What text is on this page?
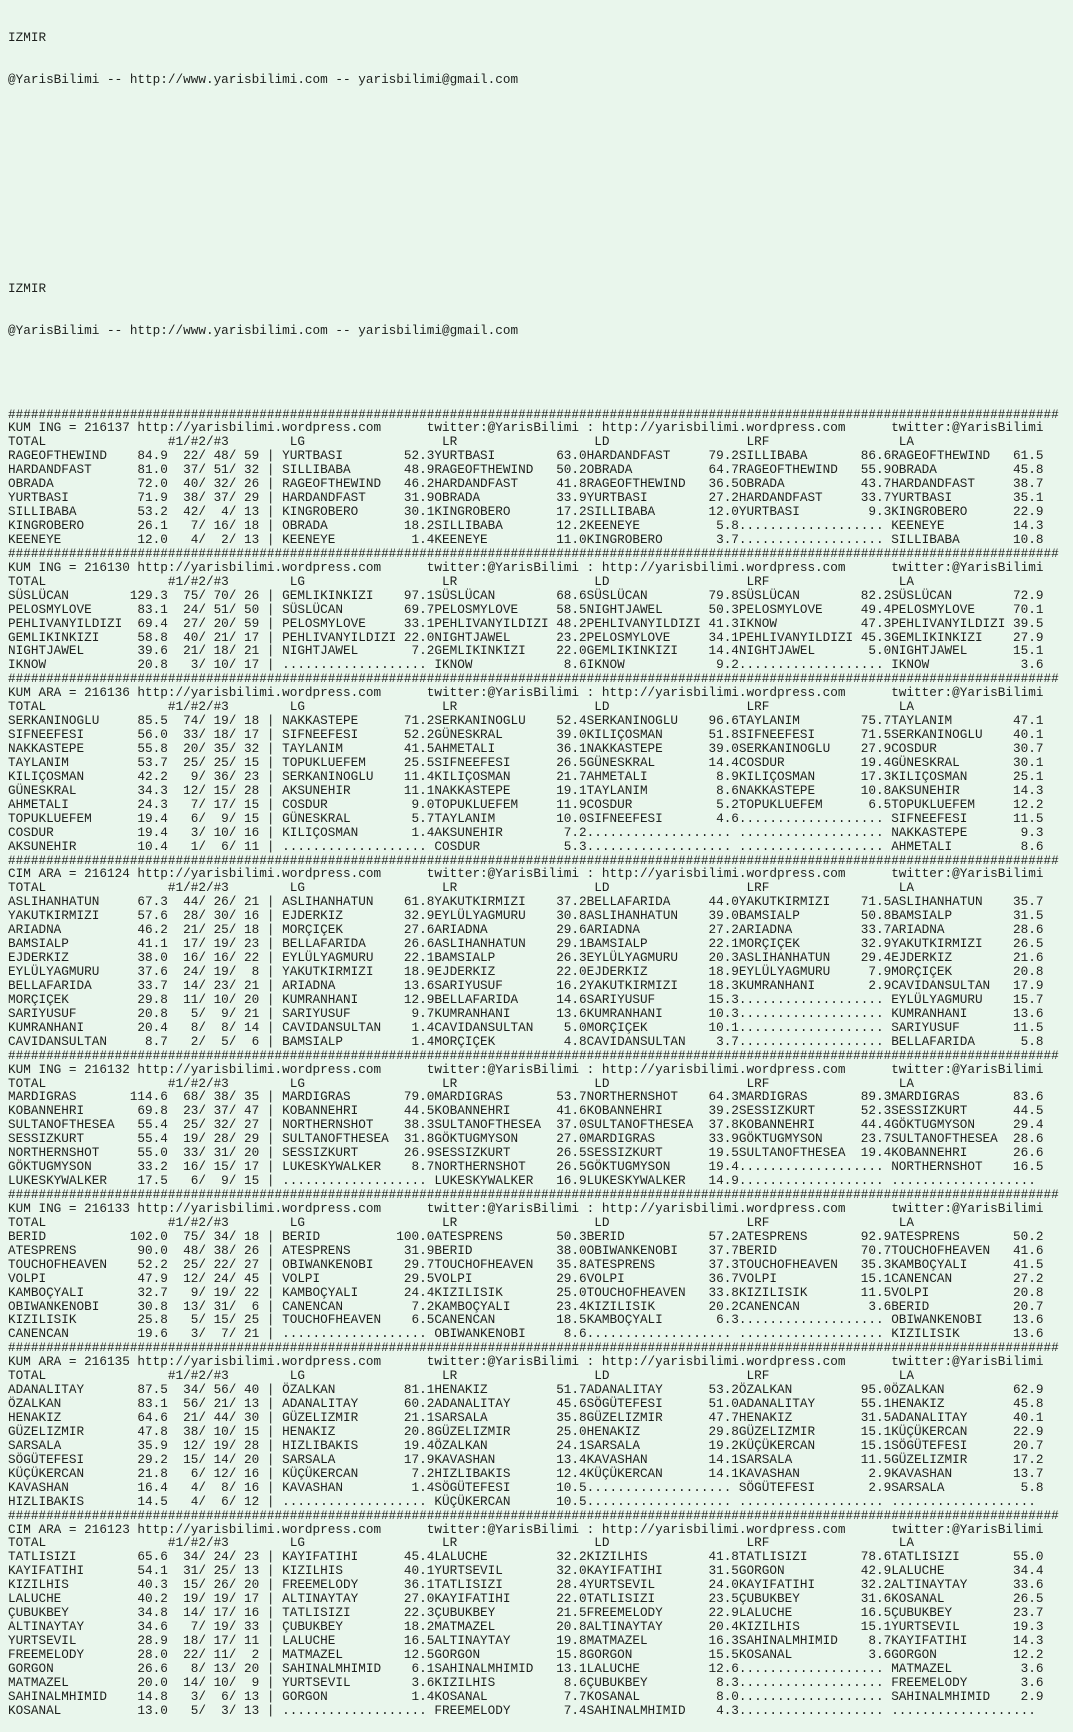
IZMIR

@YarisBilimi -- http://www.yarisbilimi.com -- yarisbilimi@gmail.com

IZMIR

@YarisBilimi -- http://www.yarisbilimi.com -- yarisbilimi@gmail.com

##########################################################################################################################################
KUM ING = 216137 http://yarisbilimi.wordpress.com      twitter:@YarisBilimi : http://yarisbilimi.wordpress.com      twitter:@YarisBilimi
TOTAL                #1/#2/#3        LG                  LR                  LD                  LRF                 LA
RAGEOFTHEWIND    84.9  22/ 48/ 59 | YURTBASI        52.3YURTBASI        63.0HARDANDFAST     79.2SILLIBABA       86.6RAGEOFTHEWIND   61.5
HARDANDFAST      81.0  37/ 51/ 32 | SILLIBABA       48.9RAGEOFTHEWIND   50.2OBRADA          64.7RAGEOFTHEWIND   55.9OBRADA          45.8
OBRADA           72.0  40/ 32/ 26 | RAGEOFTHEWIND   46.2HARDANDFAST     41.8RAGEOFTHEWIND   36.5OBRADA          43.7HARDANDFAST     38.7
YURTBASI         71.9  38/ 37/ 29 | HARDANDFAST     31.9OBRADA          33.9YURTBASI        27.2HARDANDFAST     33.7YURTBASI        35.1
SILLIBABA        53.2  42/  4/ 13 | KINGROBERO      30.1KINGROBERO      17.2SILLIBABA       12.0YURTBASI         9.3KINGROBERO      22.9
KINGROBERO       26.1   7/ 16/ 18 | OBRADA          18.2SILLIBABA       12.2KEENEYE          5.8................... KEENEYE         14.3
KEENEYE          12.0   4/  2/ 13 | KEENEYE          1.4KEENEYE         11.0KINGROBERO       3.7................... SILLIBABA       10.8
##########################################################################################################################################
KUM ING = 216130 http://yarisbilimi.wordpress.com      twitter:@YarisBilimi : http://yarisbilimi.wordpress.com      twitter:@YarisBilimi
TOTAL                #1/#2/#3        LG                  LR                  LD                  LRF                 LA
SÜSLÜCAN        129.3  75/ 70/ 26 | GEMLIKINKIZI    97.1SÜSLÜCAN        68.6SÜSLÜCAN        79.8SÜSLÜCAN        82.2SÜSLÜCAN        72.9
PELOSMYLOVE      83.1  24/ 51/ 50 | SÜSLÜCAN        69.7PELOSMYLOVE     58.5NIGHTJAWEL      50.3PELOSMYLOVE     49.4PELOSMYLOVE     70.1
PEHLIVANYILDIZI  69.4  27/ 20/ 59 | PELOSMYLOVE     33.1PEHLIVANYILDIZI 48.2PEHLIVANYILDIZI 41.3IKNOW           47.3PEHLIVANYILDIZI 39.5
GEMLIKINKIZI     58.8  40/ 21/ 17 | PEHLIVANYILDIZI 22.0NIGHTJAWEL      23.2PELOSMYLOVE     34.1PEHLIVANYILDIZI 45.3GEMLIKINKIZI    27.9
NIGHTJAWEL       39.6  21/ 18/ 21 | NIGHTJAWEL       7.2GEMLIKINKIZI    22.0GEMLIKINKIZI    14.4NIGHTJAWEL       5.0NIGHTJAWEL      15.1
IKNOW            20.8   3/ 10/ 17 | ................... IKNOW            8.6IKNOW            9.2................... IKNOW            3.6
##########################################################################################################################################
KUM ARA = 216136 http://yarisbilimi.wordpress.com      twitter:@YarisBilimi : http://yarisbilimi.wordpress.com      twitter:@YarisBilimi
TOTAL                #1/#2/#3        LG                  LR                  LD                  LRF                 LA
SERKANINOGLU     85.5  74/ 19/ 18 | NAKKASTEPE      71.2SERKANINOGLU    52.4SERKANINOGLU    96.6TAYLANIM        75.7TAYLANIM        47.1
SIFNEEFESI       56.0  33/ 18/ 17 | SIFNEEFESI      52.2GÜNESKRAL       39.0KILIÇOSMAN      51.8SIFNEEFESI      71.5SERKANINOGLU    40.1
NAKKASTEPE       55.8  20/ 35/ 32 | TAYLANIM        41.5AHMETALI        36.1NAKKASTEPE      39.0SERKANINOGLU    27.9COSDUR          30.7
TAYLANIM         53.7  25/ 25/ 15 | TOPUKLUEFEM     25.5SIFNEEFESI      26.5GÜNESKRAL       14.4COSDUR          19.4GÜNESKRAL       30.1
KILIÇOSMAN       42.2   9/ 36/ 23 | SERKANINOGLU    11.4KILIÇOSMAN      21.7AHMETALI         8.9KILIÇOSMAN      17.3KILIÇOSMAN      25.1
GÜNESKRAL        34.3  12/ 15/ 28 | AKSUNEHIR       11.1NAKKASTEPE      19.1TAYLANIM         8.6NAKKASTEPE      10.8AKSUNEHIR       14.3
AHMETALI         24.3   7/ 17/ 15 | COSDUR           9.0TOPUKLUEFEM     11.9COSDUR           5.2TOPUKLUEFEM      6.5TOPUKLUEFEM     12.2
TOPUKLUEFEM      19.4   6/  9/ 15 | GÜNESKRAL        5.7TAYLANIM        10.0SIFNEEFESI       4.6................... SIFNEEFESI      11.5
COSDUR           19.4   3/ 10/ 16 | KILIÇOSMAN       1.4AKSUNEHIR        7.2................... ................... NAKKASTEPE       9.3
AKSUNEHIR        10.4   1/  6/ 11 | ................... COSDUR           5.3................... ................... AHMETALI         8.6
##########################################################################################################################################
CIM ARA = 216124 http://yarisbilimi.wordpress.com      twitter:@YarisBilimi : http://yarisbilimi.wordpress.com      twitter:@YarisBilimi
TOTAL                #1/#2/#3        LG                  LR                  LD                  LRF                 LA
ASLIHANHATUN     67.3  44/ 26/ 21 | ASLIHANHATUN    61.8YAKUTKIRMIZI    37.2BELLAFARIDA     44.0YAKUTKIRMIZI    71.5ASLIHANHATUN    35.7
YAKUTKIRMIZI     57.6  28/ 30/ 16 | EJDERKIZ        32.9EYLÜLYAGMURU    30.8ASLIHANHATUN    39.0BAMSIALP        50.8BAMSIALP        31.5
ARIADNA          46.2  21/ 25/ 18 | MORÇIÇEK        27.6ARIADNA         29.6ARIADNA         27.2ARIADNA         33.7ARIADNA         28.6
BAMSIALP         41.1  17/ 19/ 23 | BELLAFARIDA     26.6ASLIHANHATUN    29.1BAMSIALP        22.1MORÇIÇEK        32.9YAKUTKIRMIZI    26.5
EJDERKIZ         38.0  16/ 16/ 22 | EYLÜLYAGMURU    22.1BAMSIALP        26.3EYLÜLYAGMURU    20.3ASLIHANHATUN    29.4EJDERKIZ        21.6
EYLÜLYAGMURU     37.6  24/ 19/  8 | YAKUTKIRMIZI    18.9EJDERKIZ        22.0EJDERKIZ        18.9EYLÜLYAGMURU     7.9MORÇIÇEK        20.8
BELLAFARIDA      33.7  14/ 23/ 21 | ARIADNA         13.6SARIYUSUF       16.2YAKUTKIRMIZI    18.3KUMRANHANI       2.9CAVIDANSULTAN   17.9
MORÇIÇEK         29.8  11/ 10/ 20 | KUMRANHANI      12.9BELLAFARIDA     14.6SARIYUSUF       15.3................... EYLÜLYAGMURU    15.7
SARIYUSUF        20.8   5/  9/ 21 | SARIYUSUF        9.7KUMRANHANI      13.6KUMRANHANI      10.3................... KUMRANHANI      13.6
KUMRANHANI       20.4   8/  8/ 14 | CAVIDANSULTAN    1.4CAVIDANSULTAN    5.0MORÇIÇEK        10.1................... SARIYUSUF       11.5
CAVIDANSULTAN     8.7   2/  5/  6 | BAMSIALP         1.4MORÇIÇEK         4.8CAVIDANSULTAN    3.7................... BELLAFARIDA      5.8
##########################################################################################################################################
KUM ING = 216132 http://yarisbilimi.wordpress.com      twitter:@YarisBilimi : http://yarisbilimi.wordpress.com      twitter:@YarisBilimi
TOTAL                #1/#2/#3        LG                  LR                  LD                  LRF                 LA
MARDIGRAS       114.6  68/ 38/ 35 | MARDIGRAS       79.0MARDIGRAS       53.7NORTHERNSHOT    64.3MARDIGRAS       89.3MARDIGRAS       83.6
KOBANNEHRI       69.8  23/ 37/ 47 | KOBANNEHRI      44.5KOBANNEHRI      41.6KOBANNEHRI      39.2SESSIZKURT      52.3SESSIZKURT      44.5
SULTANOFTHESEA   55.4  25/ 32/ 27 | NORTHERNSHOT    38.3SULTANOFTHESEA  37.0SULTANOFTHESEA  37.8KOBANNEHRI      44.4GÖKTUGMYSON     29.4
SESSIZKURT       55.4  19/ 28/ 29 | SULTANOFTHESEA  31.8GÖKTUGMYSON     27.0MARDIGRAS       33.9GÖKTUGMYSON     23.7SULTANOFTHESEA  28.6
NORTHERNSHOT     55.0  33/ 31/ 20 | SESSIZKURT      26.9SESSIZKURT      26.5SESSIZKURT      19.5SULTANOFTHESEA  19.4KOBANNEHRI      26.6
GÖKTUGMYSON      33.2  16/ 15/ 17 | LUKESKYWALKER    8.7NORTHERNSHOT    26.5GÖKTUGMYSON     19.4................... NORTHERNSHOT    16.5
LUKESKYWALKER    17.5   6/  9/ 15 | ................... LUKESKYWALKER   16.9LUKESKYWALKER   14.9................... ...................
##########################################################################################################################################
KUM ING = 216133 http://yarisbilimi.wordpress.com      twitter:@YarisBilimi : http://yarisbilimi.wordpress.com      twitter:@YarisBilimi
TOTAL                #1/#2/#3        LG                  LR                  LD                  LRF                 LA
BERID           102.0  75/ 34/ 18 | BERID          100.0ATESPRENS       50.3BERID           57.2ATESPRENS       92.9ATESPRENS       50.2
ATESPRENS        90.0  48/ 38/ 26 | ATESPRENS       31.9BERID           38.0OBIWANKENOBI    37.7BERID           70.7TOUCHOFHEAVEN   41.6
TOUCHOFHEAVEN    52.2  25/ 22/ 27 | OBIWANKENOBI    29.7TOUCHOFHEAVEN   35.8ATESPRENS       37.3TOUCHOFHEAVEN   35.3KAMBOÇYALI      41.5
VOLPI            47.9  12/ 24/ 45 | VOLPI           29.5VOLPI           29.6VOLPI           36.7VOLPI           15.1CANENCAN        27.2
KAMBOÇYALI       32.7   9/ 19/ 22 | KAMBOÇYALI      24.4KIZILISIK       25.0TOUCHOFHEAVEN   33.8KIZILISIK       11.5VOLPI           20.8
OBIWANKENOBI     30.8  13/ 31/  6 | CANENCAN         7.2KAMBOÇYALI      23.4KIZILISIK       20.2CANENCAN         3.6BERID           20.7
KIZILISIK        25.8   5/ 15/ 25 | TOUCHOFHEAVEN    6.5CANENCAN        18.5KAMBOÇYALI       6.3................... OBIWANKENOBI    13.6
CANENCAN         19.6   3/  7/ 21 | ................... OBIWANKENOBI     8.6................... ................... KIZILISIK       13.6
##########################################################################################################################################
KUM ARA = 216135 http://yarisbilimi.wordpress.com      twitter:@YarisBilimi : http://yarisbilimi.wordpress.com      twitter:@YarisBilimi
TOTAL                #1/#2/#3        LG                  LR                  LD                  LRF                 LA
ADANALITAY       87.5  34/ 56/ 40 | ÖZALKAN         81.1HENAKIZ         51.7ADANALITAY      53.2ÖZALKAN         95.0ÖZALKAN         62.9
ÖZALKAN          83.1  56/ 21/ 13 | ADANALITAY      60.2ADANALITAY      45.6SÖGÜTEFESI      51.0ADANALITAY      55.1HENAKIZ         45.8
HENAKIZ          64.6  21/ 44/ 30 | GÜZELIZMIR      21.1SARSALA         35.8GÜZELIZMIR      47.7HENAKIZ         31.5ADANALITAY      40.1
GÜZELIZMIR       47.8  38/ 10/ 15 | HENAKIZ         20.8GÜZELIZMIR      25.0HENAKIZ         29.8GÜZELIZMIR      15.1KÜÇÜKERCAN      22.9
SARSALA          35.9  12/ 19/ 28 | HIZLIBAKIS      19.4ÖZALKAN         24.1SARSALA         19.2KÜÇÜKERCAN      15.1SÖGÜTEFESI      20.7
SÖGÜTEFESI       29.2  15/ 14/ 20 | SARSALA         17.9KAVASHAN        13.4KAVASHAN        14.1SARSALA         11.5GÜZELIZMIR      17.2
KÜÇÜKERCAN       21.8   6/ 12/ 16 | KÜÇÜKERCAN       7.2HIZLIBAKIS      12.4KÜÇÜKERCAN      14.1KAVASHAN         2.9KAVASHAN        13.7
KAVASHAN         16.4   4/  8/ 16 | KAVASHAN         1.4SÖGÜTEFESI      10.5................... SÖGÜTEFESI       2.9SARSALA          5.8
HIZLIBAKIS       14.5   4/  6/ 12 | ................... KÜÇÜKERCAN      10.5................... ................... ...................
##########################################################################################################################################
CIM ARA = 216123 http://yarisbilimi.wordpress.com      twitter:@YarisBilimi : http://yarisbilimi.wordpress.com      twitter:@YarisBilimi
TOTAL                #1/#2/#3        LG                  LR                  LD                  LRF                 LA
TATLISIZI        65.6  34/ 24/ 23 | KAYIFATIHI      45.4LALUCHE         32.2KIZILHIS        41.8TATLISIZI       78.6TATLISIZI       55.0
KAYIFATIHI       54.1  31/ 25/ 13 | KIZILHIS        40.1YURTSEVIL       32.0KAYIFATIHI      31.5GORGON          42.9LALUCHE         34.4
KIZILHIS         40.3  15/ 26/ 20 | FREEMELODY      36.1TATLISIZI       28.4YURTSEVIL       24.0KAYIFATIHI      32.2ALTINAYTAY      33.6
LALUCHE          40.2  19/ 19/ 17 | ALTINAYTAY      27.0KAYIFATIHI      22.0TATLISIZI       23.5ÇUBUKBEY        31.6KOSANAL         26.5
ÇUBUKBEY         34.8  14/ 17/ 16 | TATLISIZI       22.3ÇUBUKBEY        21.5FREEMELODY      22.9LALUCHE         16.5ÇUBUKBEY        23.7
ALTINAYTAY       34.6   7/ 19/ 33 | ÇUBUKBEY        18.2MATMAZEL        20.8ALTINAYTAY      20.4KIZILHIS        15.1YURTSEVIL       19.3
YURTSEVIL        28.9  18/ 17/ 11 | LALUCHE         16.5ALTINAYTAY      19.8MATMAZEL        16.3SAHINALMHIMID    8.7KAYIFATIHI      14.3
FREEMELODY       28.0  22/ 11/  2 | MATMAZEL        12.5GORGON          15.8GORGON          15.5KOSANAL          3.6GORGON          12.2
GORGON           26.6   8/ 13/ 20 | SAHINALMHIMID    6.1SAHINALMHIMID   13.1LALUCHE         12.6................... MATMAZEL         3.6
MATMAZEL         20.0  14/ 10/  9 | YURTSEVIL        3.6KIZILHIS         8.6ÇUBUKBEY         8.3................... FREEMELODY       3.6
SAHINALMHIMID    14.8   3/  6/ 13 | GORGON           1.4KOSANAL          7.7KOSANAL          8.0................... SAHINALMHIMID    2.9
KOSANAL          13.0   5/  3/ 13 | ................... FREEMELODY       7.4SAHINALMHIMID    4.3................... ...................
